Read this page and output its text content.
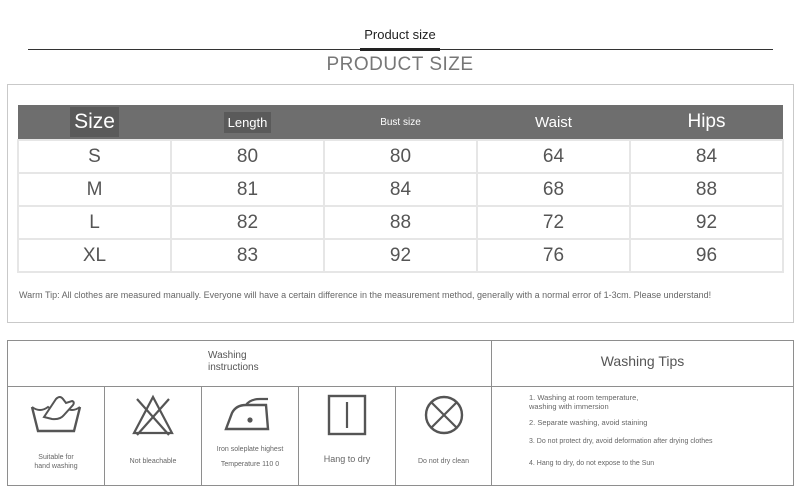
Product size
PRODUCT SIZE
Size	Length	Bust size	Waist	Hips
S	80	80	64	84
M	81	84	68	88
L	82	88	72	92
XL	83	92	76	96
Warm Tip: All clothes are measured manually. Everyone will have a certain difference in the measurement method, generally with a normal error of 1-3cm. Please understand!
Washing
instructions	Washing Tips
Suitable for
hand washing
Not bleachable
Iron soleplate highest
Temperature 110 0
Hang to dry	Do not dry clean
1. Washing at room temperature,
washing with immersion
2. Separate washing, avoid staining
3. Do not protect dry, avoid deformation after drying clothes
4. Hang to dry, do not expose to the Sun
